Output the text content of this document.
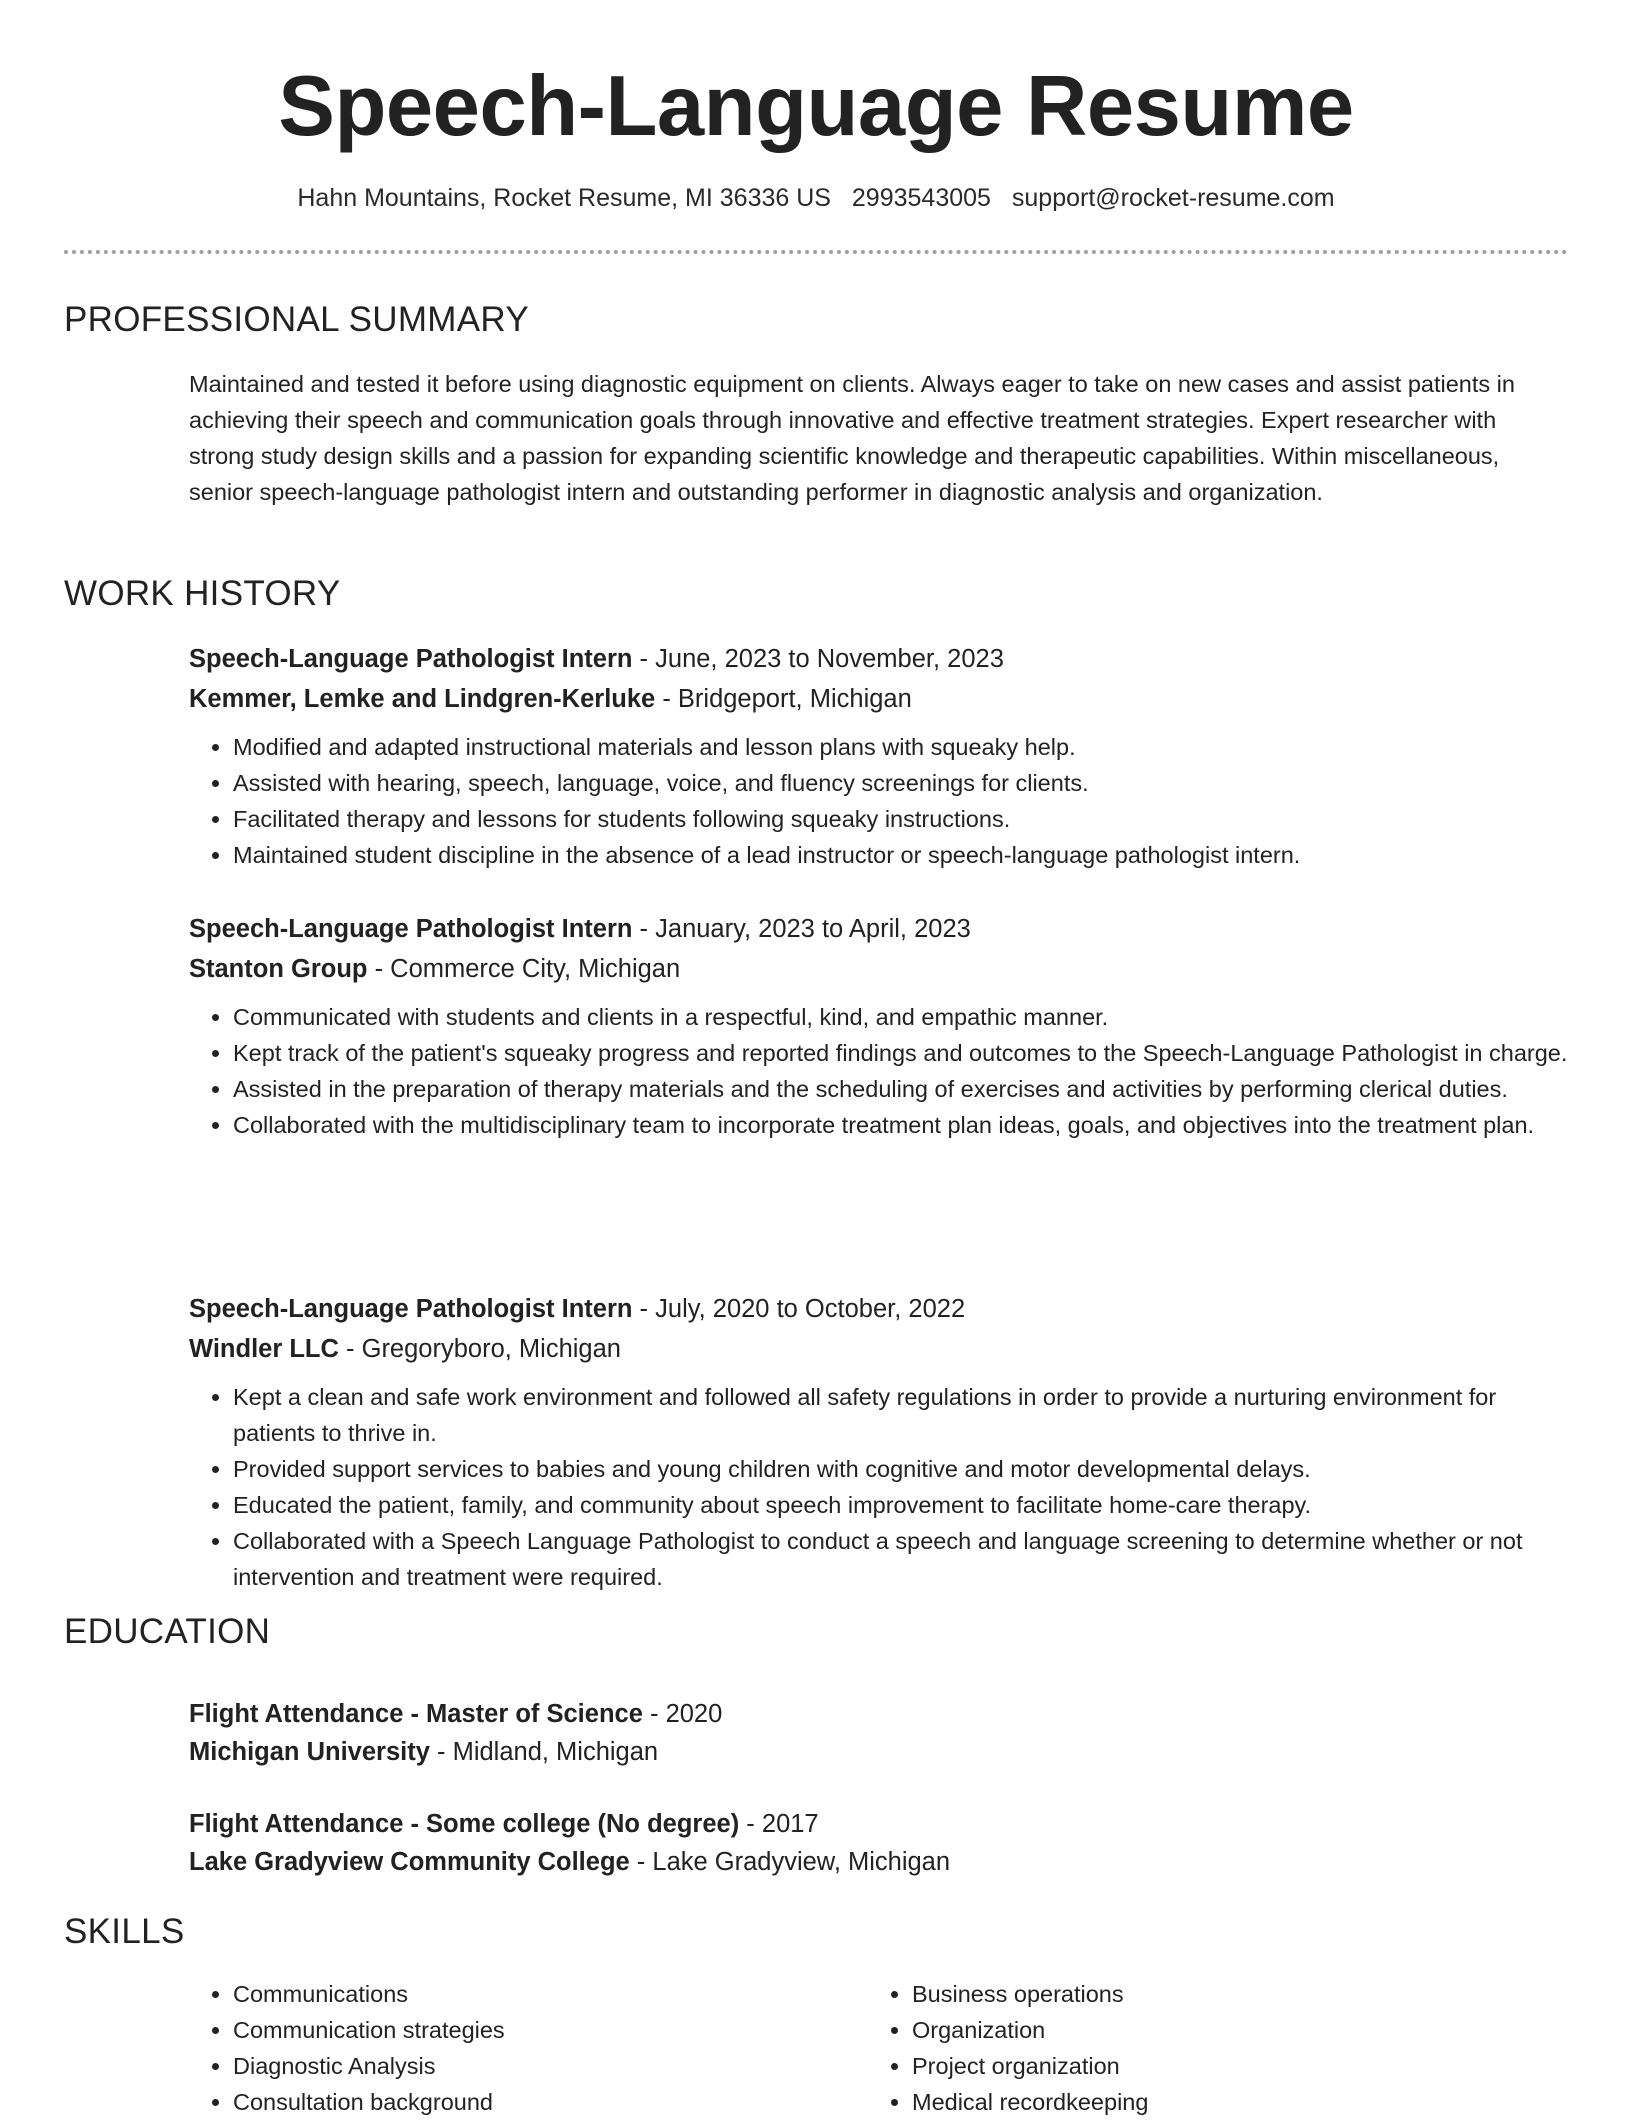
Speech-Language Resume
Hahn Mountains, Rocket Resume, MI 36336 US 2993543005 support@rocket-resume.com
PROFESSIONAL SUMMARY

Maintained and tested it before using diagnostic equipment on clients. Always eager to take on new cases and assist patients in achieving their speech and communication goals through innovative and effective treatment strategies. Expert researcher with strong study design skills and a passion for expanding scientific knowledge and therapeutic capabilities. Within miscellaneous, senior speech-language pathologist intern and outstanding performer in diagnostic analysis and organization.

WORK HISTORY
Speech-Language Pathologist Intern - June, 2023 to November, 2023
Kemmer, Lemke and Lindgren-Kerluke - Bridgeport, Michigan
• Modified and adapted instructional materials and lesson plans with squeaky help.
• Assisted with hearing, speech, language, voice, and fluency screenings for clients.
• Facilitated therapy and lessons for students following squeaky instructions.
• Maintained student discipline in the absence of a lead instructor or speech-language pathologist intern.
Speech-Language Pathologist Intern - January, 2023 to April, 2023
Stanton Group - Commerce City, Michigan
• Communicated with students and clients in a respectful, kind, and empathic manner.
• Kept track of the patient's squeaky progress and reported findings and outcomes to the Speech-Language Pathologist in charge.
• Assisted in the preparation of therapy materials and the scheduling of exercises and activities by performing clerical duties.
• Collaborated with the multidisciplinary team to incorporate treatment plan ideas, goals, and objectives into the treatment plan.
Speech-Language Pathologist Intern - July, 2020 to October, 2022
Windler LLC - Gregoryboro, Michigan
• Kept a clean and safe work environment and followed all safety regulations in order to provide a nurturing environment for patients to thrive in.
• Provided support services to babies and young children with cognitive and motor developmental delays.
• Educated the patient, family, and community about speech improvement to facilitate home-care therapy.
• Collaborated with a Speech Language Pathologist to conduct a speech and language screening to determine whether or not intervention and treatment were required.
EDUCATION
Flight Attendance - Master of Science - 2020
Michigan University - Midland, Michigan
Flight Attendance - Some college (No degree) - 2017
Lake Gradyview Community College - Lake Gradyview, Michigan
SKILLS
• Communications
• Communication strategies
• Diagnostic Analysis
• Consultation background
• Business operations
• Organization
• Project organization
• Medical recordkeeping
